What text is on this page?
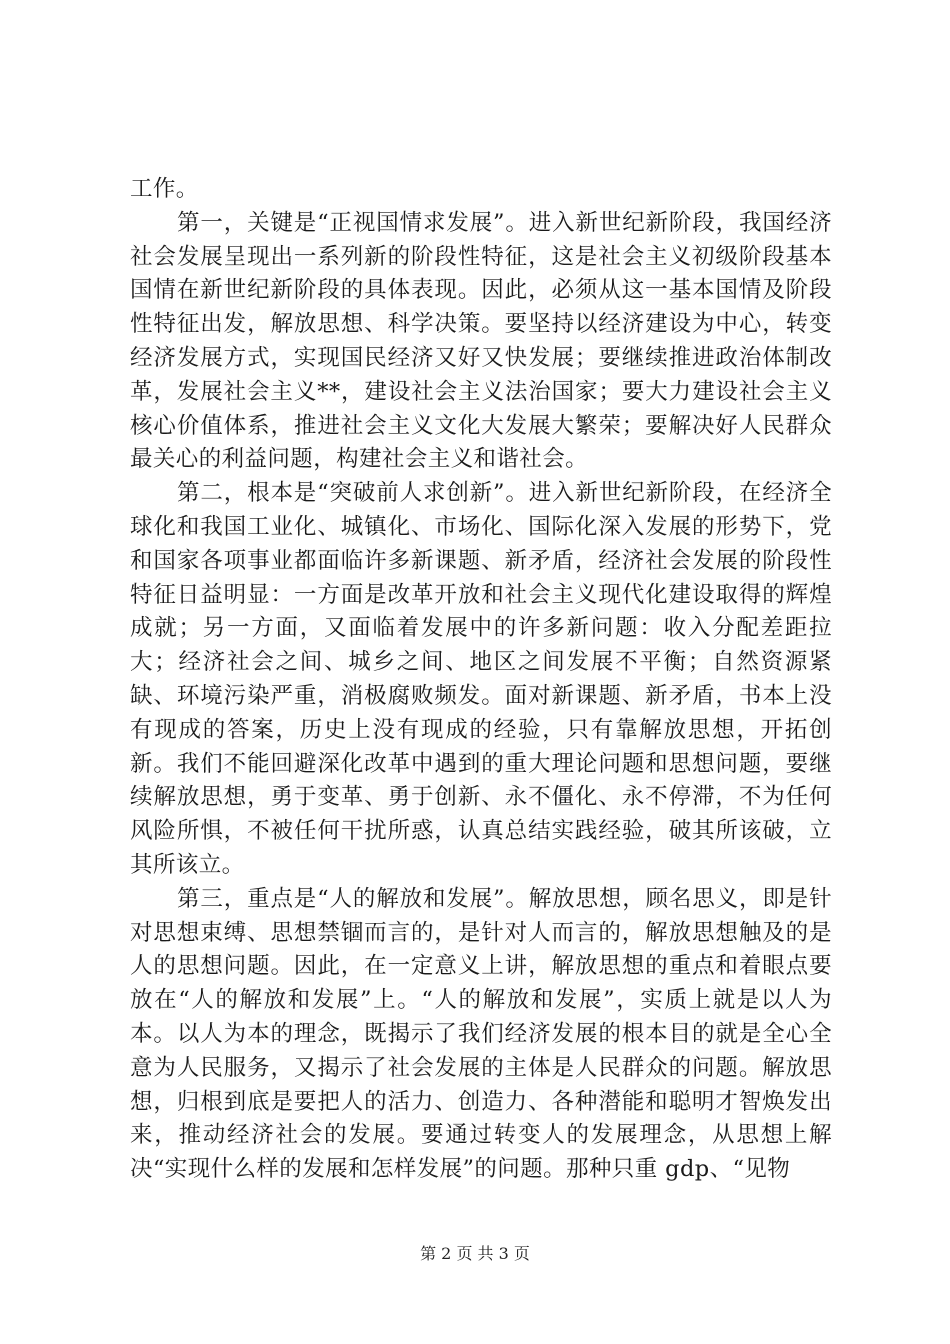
工作。

第一，关键是“正视国情求发展”。进入新世纪新阶段，我国经济社会发展呈现出一系列新的阶段性特征，这是社会主义初级阶段基本国情在新世纪新阶段的具体表现。因此，必须从这一基本国情及阶段性特征出发，解放思想、科学决策。要坚持以经济建设为中心，转变经济发展方式，实现国民经济又好又快发展；要继续推进政治体制改革，发展社会主义**，建设社会主义法治国家；要大力建设社会主义核心价值体系，推进社会主义文化大发展大繁荣；要解决好人民群众最关心的利益问题，构建社会主义和谐社会。

第二，根本是“突破前人求创新”。进入新世纪新阶段，在经济全球化和我国工业化、城镇化、市场化、国际化深入发展的形势下，党和国家各项事业都面临许多新课题、新矛盾，经济社会发展的阶段性特征日益明显：一方面是改革开放和社会主义现代化建设取得的辉煌成就；另一方面，又面临着发展中的许多新问题：收入分配差距拉大；经济社会之间、城乡之间、地区之间发展不平衡；自然资源紧缺、环境污染严重，消极腐败频发。面对新课题、新矛盾，书本上没有现成的答案，历史上没有现成的经验，只有靠解放思想，开拓创新。我们不能回避深化改革中遇到的重大理论问题和思想问题，要继续解放思想，勇于变革、勇于创新、永不僵化、永不停滞，不为任何风险所惧，不被任何干扰所惑，认真总结实践经验，破其所该破，立其所该立。

第三，重点是“人的解放和发展”。解放思想，顾名思义，即是针对思想束缚、思想禁锢而言的，是针对人而言的，解放思想触及的是人的思想问题。因此，在一定意义上讲，解放思想的重点和着眼点要放在“人的解放和发展”上。“人的解放和发展”，实质上就是以人为本。以人为本的理念，既揭示了我们经济发展的根本目的就是全心全意为人民服务，又揭示了社会发展的主体是人民群众的问题。解放思想，归根到底是要把人的活力、创造力、各种潜能和聪明才智焕发出来，推动经济社会的发展。要通过转变人的发展理念，从思想上解决“实现什么样的发展和怎样发展”的问题。那种只重 gdp、“见物

第 2 页 共 3 页
